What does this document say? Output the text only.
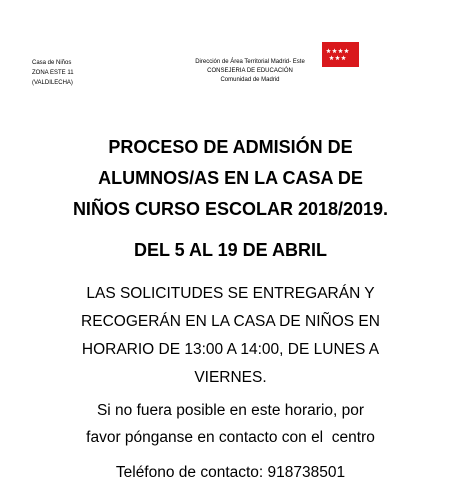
Casa de Niños
ZONA ESTE 11
(VALDILECHA)
Dirección de Área Territorial Madrid- Este
CONSEJERIA DE EDUCACIÓN
Comunidad de Madrid
PROCESO DE ADMISIÓN DE
ALUMNOS/AS EN LA CASA DE
NIÑOS CURSO ESCOLAR 2018/2019.
DEL 5 AL 19 DE ABRIL
LAS SOLICITUDES SE ENTREGARÁN Y
RECOGERÁN EN LA CASA DE NIÑOS EN
HORARIO DE 13:00 A 14:00, DE LUNES A
VIERNES.
Si no fuera posible en este horario, por
favor pónganse en contacto con el  centro
Teléfono de contacto: 918738501
